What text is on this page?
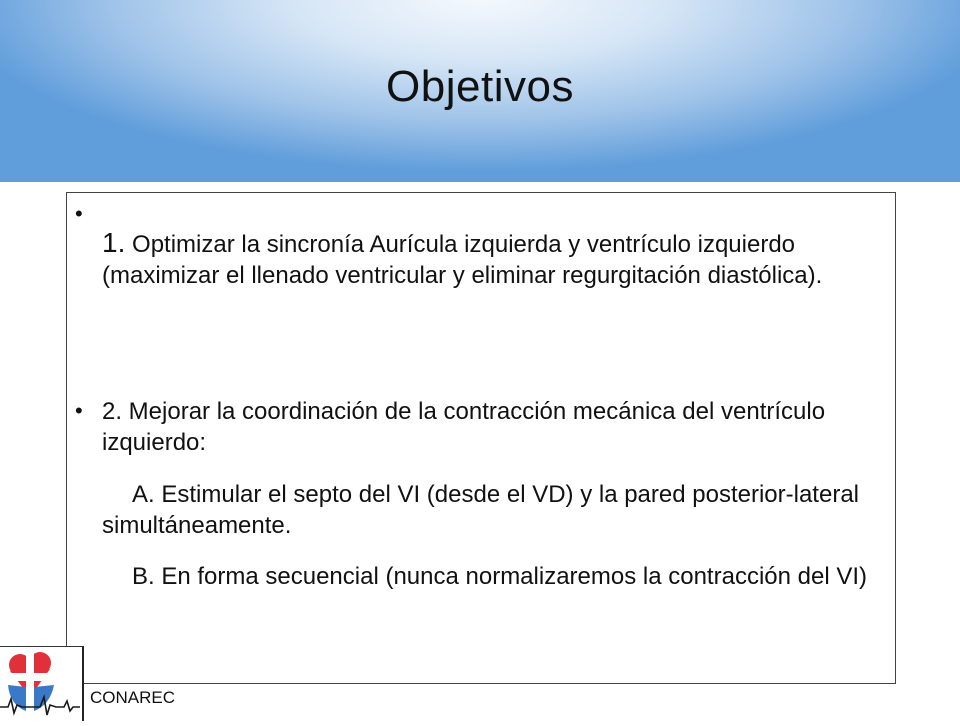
Objetivos
1. Optimizar la sincronía Aurícula izquierda y ventrículo izquierdo (maximizar el llenado ventricular y eliminar regurgitación diastólica).
2. Mejorar la coordinación de la contracción mecánica del ventrículo izquierdo:
A. Estimular el septo del VI (desde el VD) y la pared posterior-lateral simultáneamente.
B. En forma secuencial (nunca normalizaremos la contracción del VI)
CONAREC
